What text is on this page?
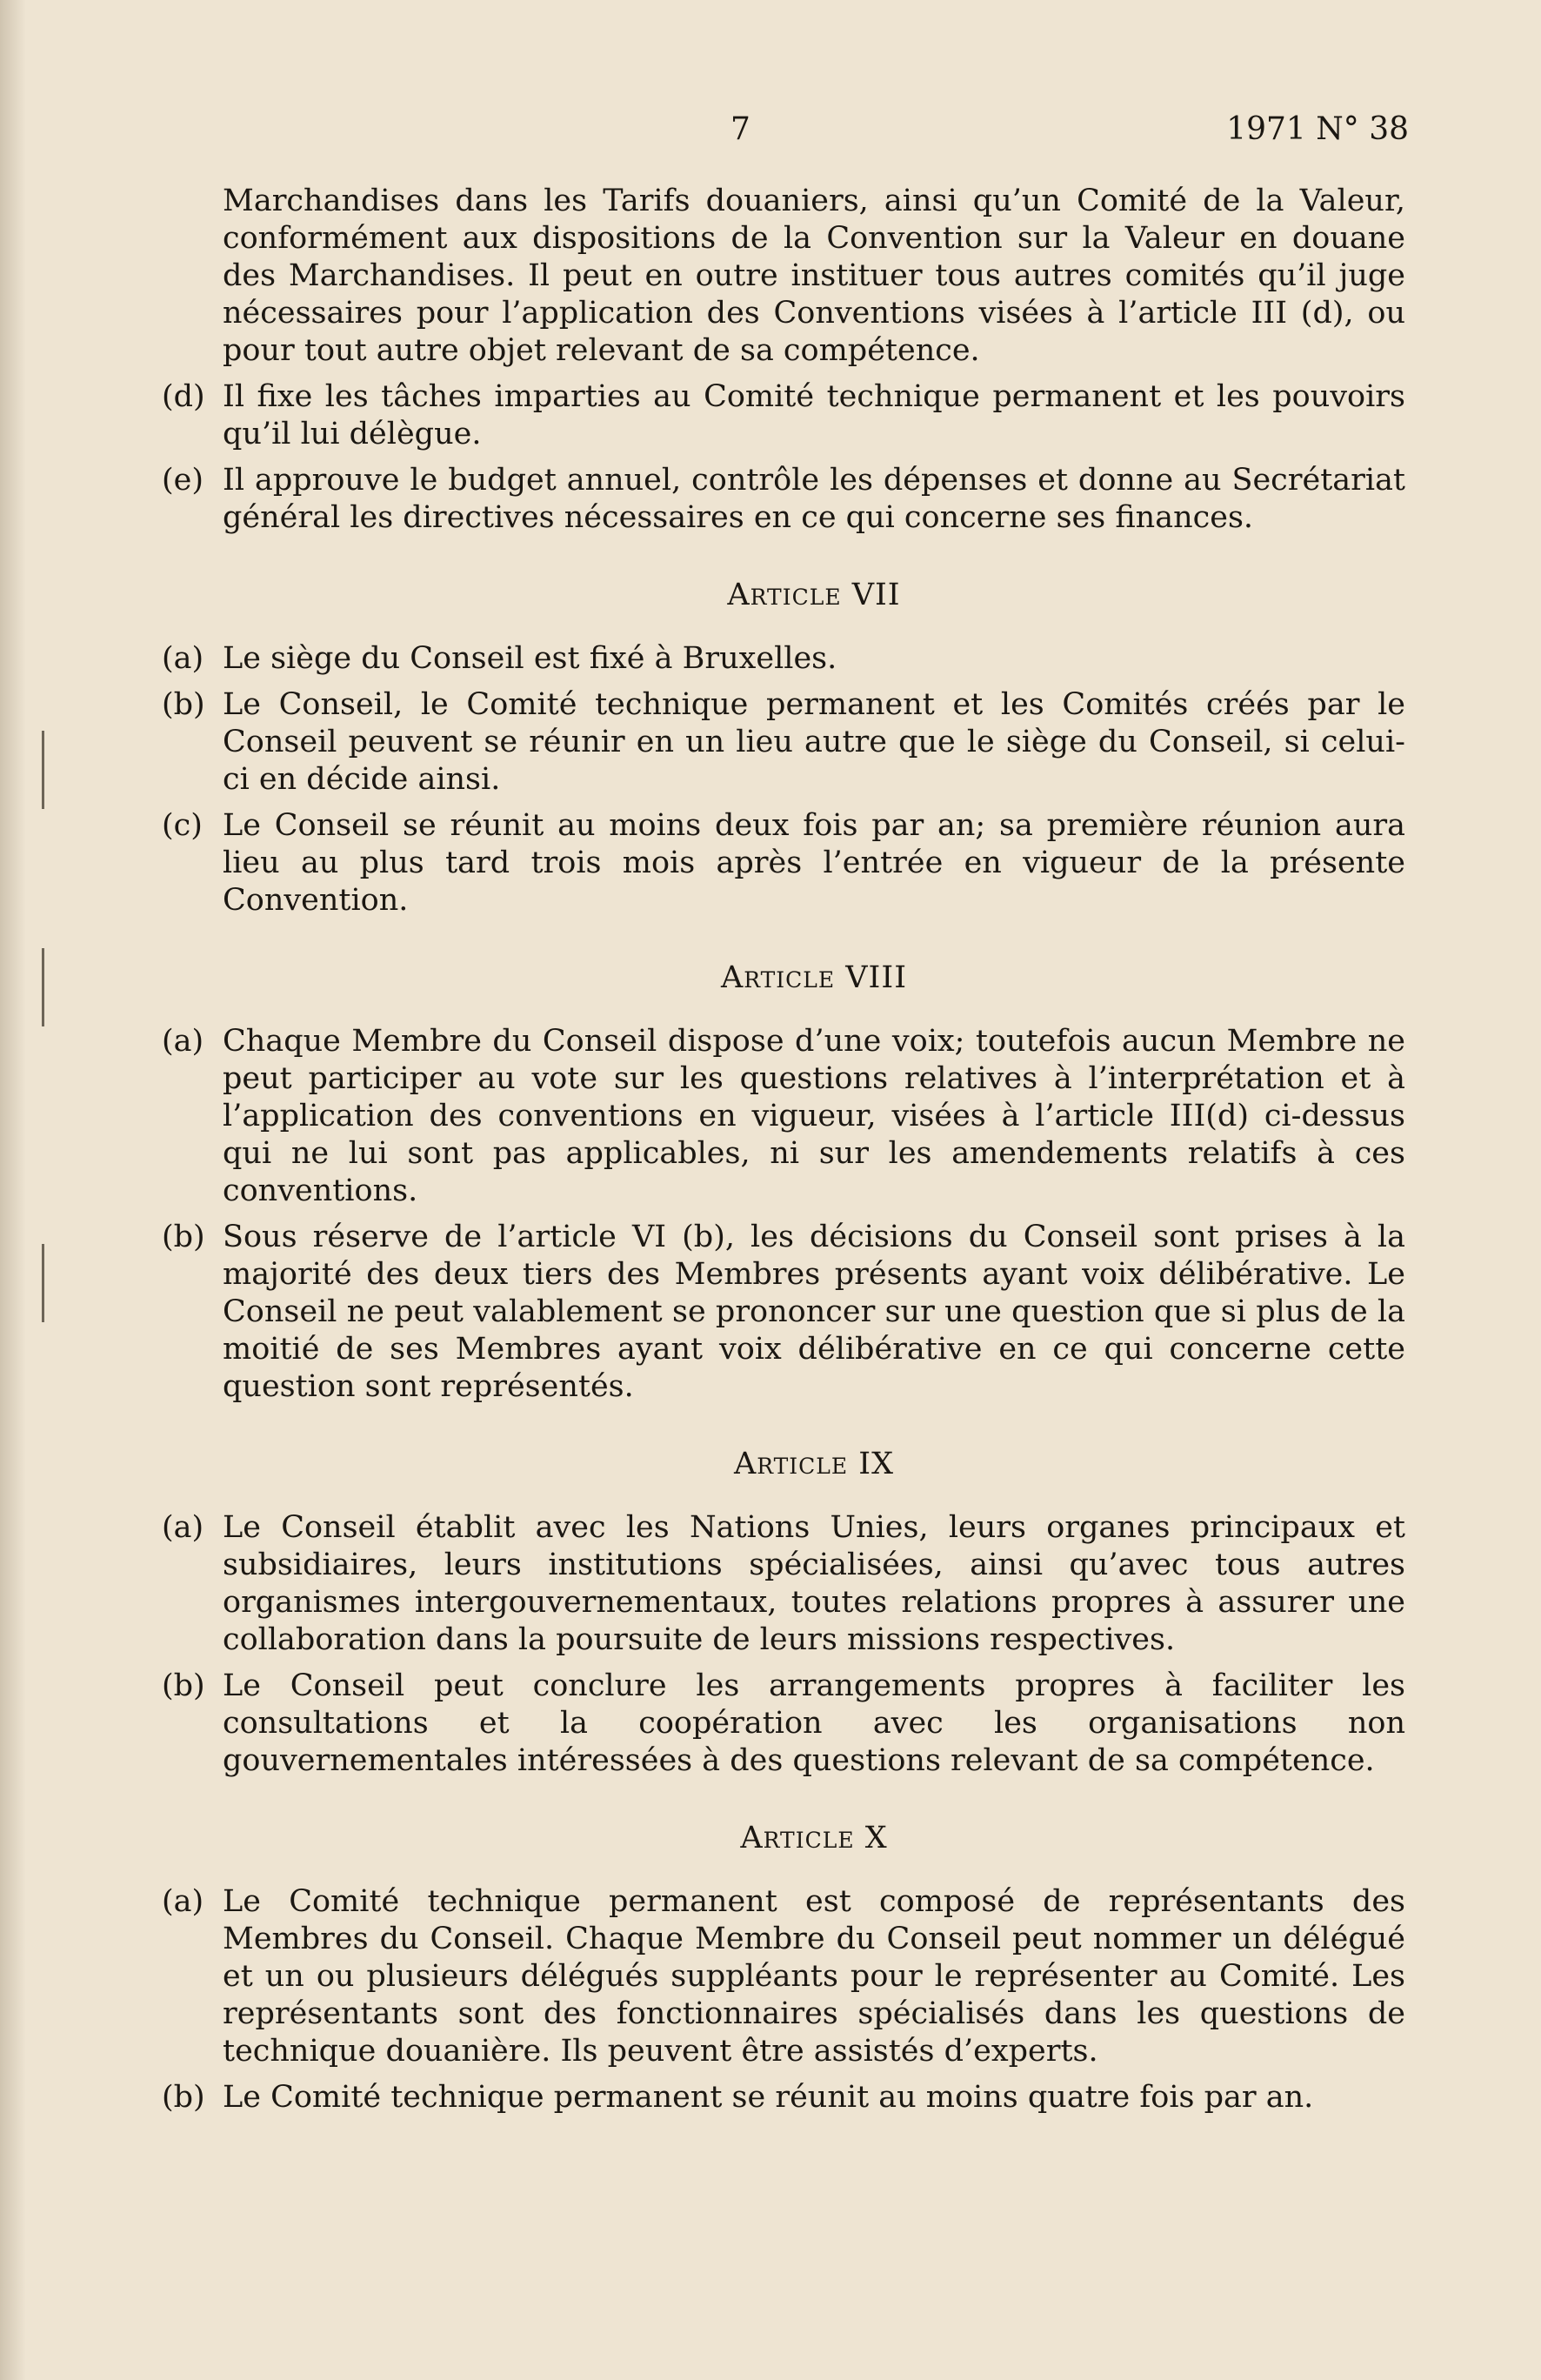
7	1971 N° 38

Marchandises dans les Tarifs douaniers, ainsi qu’un Comité de la Valeur, conformément aux dispositions de la Convention sur la Valeur en douane des Marchandises. Il peut en outre instituer tous autres comités qu’il juge nécessaires pour l’application des Conventions visées à l’article III (d), ou pour tout autre objet relevant de sa compétence.

(d) Il fixe les tâches imparties au Comité technique permanent et les pouvoirs qu’il lui délègue.
(e) Il approuve le budget annuel, contrôle les dépenses et donne au Secrétariat général les directives nécessaires en ce qui concerne ses finances.
Article VII
(a) Le siège du Conseil est fixé à Bruxelles.
(b) Le Conseil, le Comité technique permanent et les Comités créés par le Conseil peuvent se réunir en un lieu autre que le siège du Conseil, si celui-ci en décide ainsi.
(c) Le Conseil se réunit au moins deux fois par an; sa première réunion aura lieu au plus tard trois mois après l’entrée en vigueur de la présente Convention.
Article VIII
(a) Chaque Membre du Conseil dispose d’une voix; toutefois aucun Membre ne peut participer au vote sur les questions relatives à l’interprétation et à l’application des conventions en vigueur, visées à l’article III(d) ci-dessus qui ne lui sont pas applicables, ni sur les amendements relatifs à ces conventions.
(b) Sous réserve de l’article VI (b), les décisions du Conseil sont prises à la majorité des deux tiers des Membres présents ayant voix délibérative. Le Conseil ne peut valablement se prononcer sur une question que si plus de la moitié de ses Membres ayant voix délibérative en ce qui concerne cette question sont représentés.
Article IX
(a) Le Conseil établit avec les Nations Unies, leurs organes principaux et subsidiaires, leurs institutions spécialisées, ainsi qu’avec tous autres organismes intergouvernementaux, toutes relations propres à assurer une collaboration dans la poursuite de leurs missions respectives.
(b) Le Conseil peut conclure les arrangements propres à faciliter les consultations et la coopération avec les organisations non gouvernementales intéressées à des questions relevant de sa compétence.
Article X
(a) Le Comité technique permanent est composé de représentants des Membres du Conseil. Chaque Membre du Conseil peut nommer un délégué et un ou plusieurs délégués suppléants pour le représenter au Comité. Les représentants sont des fonctionnaires spécialisés dans les questions de technique douanière. Ils peuvent être assistés d’experts.
(b) Le Comité technique permanent se réunit au moins quatre fois par an.
